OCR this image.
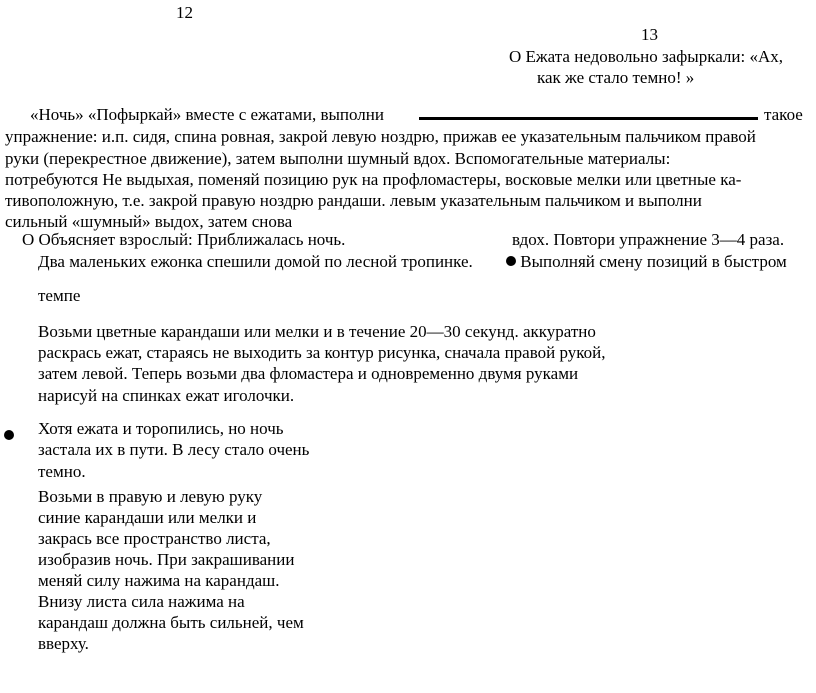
12
13
О Ежата недовольно зафыркали: «Ах,
как же стало темно! »
«Ночь» «Пофыркай» вместе с ежатами, выполни	такое
упражнение: и.п. сидя, спина ровная, закрой левую ноздрю, прижав ее указательным пальчиком правой
руки (перекрестное движение), затем выполни шумный вдох. Вспомогательные материалы:
потребуются Не выдыхая, поменяй позицию рук на профломастеры, восковые мелки или цветные ка-
тивоположную, т.е. закрой правую ноздрю рандаши. левым указательным пальчиком и выполни
сильный «шумный» выдох, затем снова
О Объясняет взрослый: Приближалась ночь.	вдох. Повтори упражнение 3—4 раза.
Два маленьких ежонка спешили домой по лесной тропинке.	Выполняй смену позиций в быстром
темпе
Возьми цветные карандаши или мелки и в течение 20—30 секунд. аккуратно
раскрась ежат, стараясь не выходить за контур рисунка, сначала правой рукой,
затем левой. Теперь возьми два фломастера и одновременно двумя руками
нарисуй на спинках ежат иголочки.
Хотя ежата и торопились, но ночь
застала их в пути. В лесу стало очень
темно.
Возьми в правую и левую руку
синие карандаши или мелки и
закрась все пространство листа,
изобразив ночь. При закрашивании
меняй силу нажима на карандаш.
Внизу листа сила нажима на
карандаш должна быть сильней, чем
вверху.
